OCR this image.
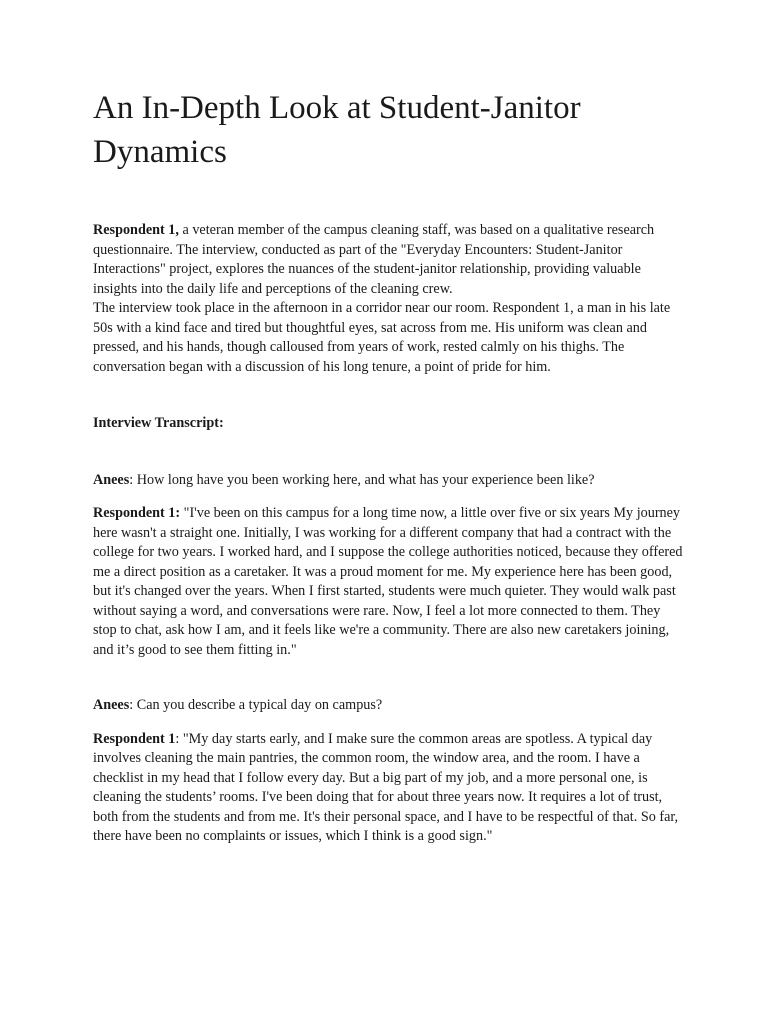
An In-Depth Look at Student-Janitor Dynamics

Respondent 1, a veteran member of the campus cleaning staff, was based on a qualitative research questionnaire. The interview, conducted as part of the "Everyday Encounters: Student-Janitor Interactions" project, explores the nuances of the student-janitor relationship, providing valuable insights into the daily life and perceptions of the cleaning crew.
The interview took place in the afternoon in a corridor near our room. Respondent 1, a man in his late 50s with a kind face and tired but thoughtful eyes, sat across from me. His uniform was clean and pressed, and his hands, though calloused from years of work, rested calmly on his thighs. The conversation began with a discussion of his long tenure, a point of pride for him.

Interview Transcript:

Anees: How long have you been working here, and what has your experience been like?

Respondent 1: "I've been on this campus for a long time now, a little over five or six years My journey here wasn't a straight one. Initially, I was working for a different company that had a contract with the college for two years. I worked hard, and I suppose the college authorities noticed, because they offered me a direct position as a caretaker. It was a proud moment for me. My experience here has been good, but it's changed over the years. When I first started, students were much quieter. They would walk past without saying a word, and conversations were rare. Now, I feel a lot more connected to them. They stop to chat, ask how I am, and it feels like we're a community. There are also new caretakers joining, and it’s good to see them fitting in."

Anees: Can you describe a typical day on campus?

Respondent 1: "My day starts early, and I make sure the common areas are spotless. A typical day involves cleaning the main pantries, the common room, the window area, and the room. I have a checklist in my head that I follow every day. But a big part of my job, and a more personal one, is cleaning the students’ rooms. I've been doing that for about three years now. It requires a lot of trust, both from the students and from me. It's their personal space, and I have to be respectful of that. So far, there have been no complaints or issues, which I think is a good sign."
